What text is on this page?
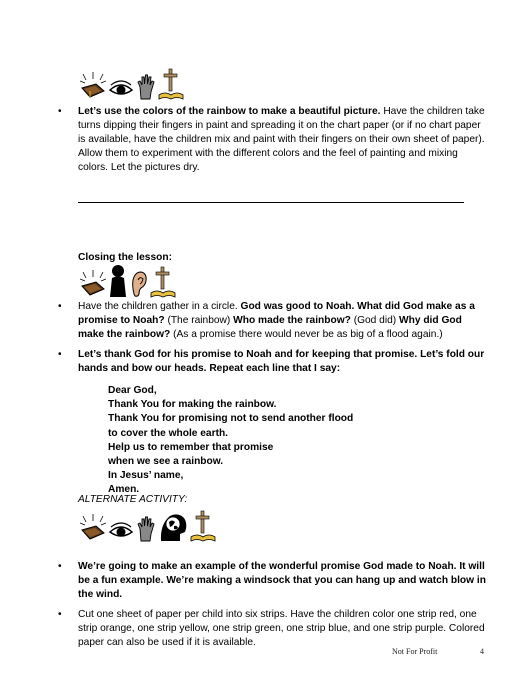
•	Let’s use the colors of the rainbow to make a beautiful picture. Have the children take turns dipping their fingers in paint and spreading it on the chart paper (or if no chart paper is available, have the children mix and paint with their fingers on their own sheet of paper). Allow them to experiment with the different colors and the feel of painting and mixing colors. Let the pictures dry.
Closing the lesson:
•	Have the children gather in a circle. God was good to Noah. What did God make as a promise to Noah? (The rainbow) Who made the rainbow? (God did) Why did God make the rainbow? (As a promise there would never be as big of a flood again.)
•	Let’s thank God for his promise to Noah and for keeping that promise. Let’s fold our hands and bow our heads. Repeat each line that I say:
Dear God,
Thank You for making the rainbow.
Thank You for promising not to send another flood
to cover the whole earth.
Help us to remember that promise
when we see a rainbow.
In Jesus’ name,
Amen.
ALTERNATE ACTIVITY:
•	We’re going to make an example of the wonderful promise God made to Noah. It will be a fun example. We’re making a windsock that you can hang up and watch blow in the wind.
•	Cut one sheet of paper per child into six strips. Have the children color one strip red, one strip orange, one strip yellow, one strip green, one strip blue, and one strip purple. Colored paper can also be used if it is available.
Not For Profit	4
